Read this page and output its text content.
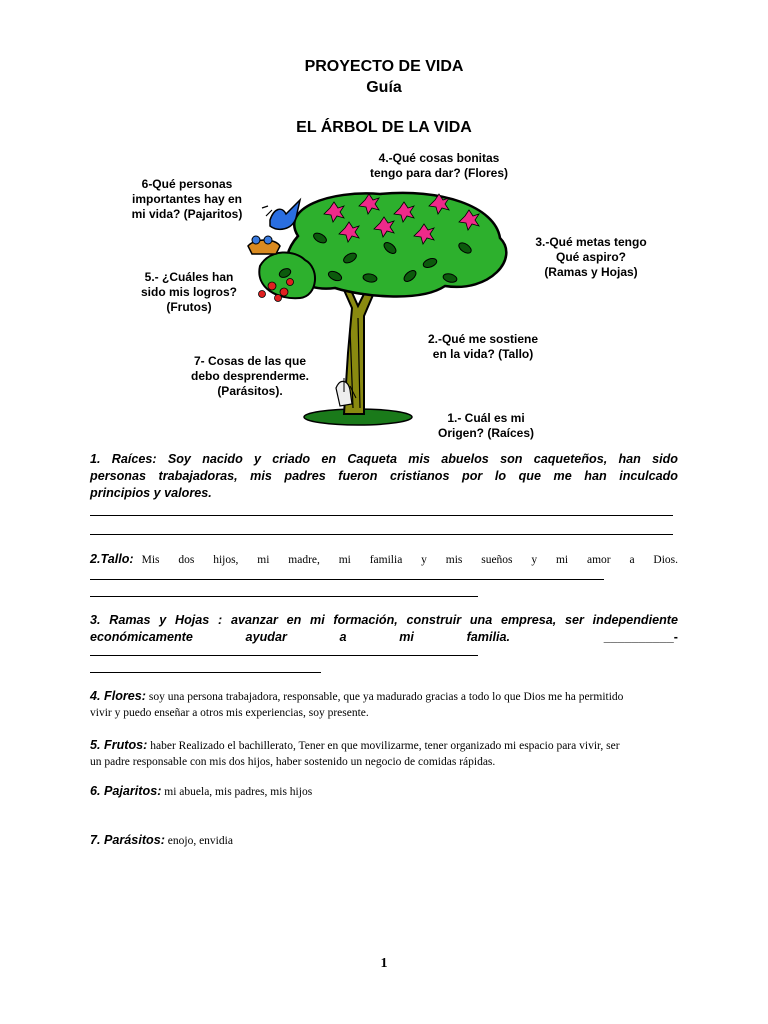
PROYECTO DE VIDA
Guía
EL ÁRBOL DE LA VIDA
4.-Qué cosas bonitas
tengo para dar? (Flores)
6-Qué personas
importantes hay en
mi vida? (Pajaritos)
3.-Qué metas tengo
Qué aspiro?
(Ramas y Hojas)
5.- ¿Cuáles han
sido mis logros?
(Frutos)
2.-Qué me sostiene
en la vida? (Tallo)
7- Cosas de las que
debo desprenderme.
(Parásitos).
1.- Cuál es mi
Origen? (Raíces)
1. Raíces: Soy nacido y criado en Caqueta mis abuelos son caqueteños, han sido
personas trabajadoras, mis padres fueron cristianos por lo que me han inculcado
principios y valores.
2.Tallo: Mis dos hijos, mi madre, mi familia y mis sueños y mi amor a Dios.
3. Ramas y Hojas : avanzar en mi formación, construir una empresa, ser independiente
económicamente ayudar a mi familia.	__________-
4. Flores: soy una persona trabajadora, responsable, que ya madurado gracias a todo lo que Dios me ha permitido
vivir y puedo enseñar a otros mis experiencias, soy presente.
5. Frutos: haber Realizado el bachillerato, Tener en que movilizarme, tener organizado mi espacio para vivir, ser
un padre responsable con mis dos hijos, haber sostenido un negocio de comidas rápidas.
6. Pajaritos: mi abuela, mis padres, mis hijos
7. Parásitos: enojo, envidia
1
